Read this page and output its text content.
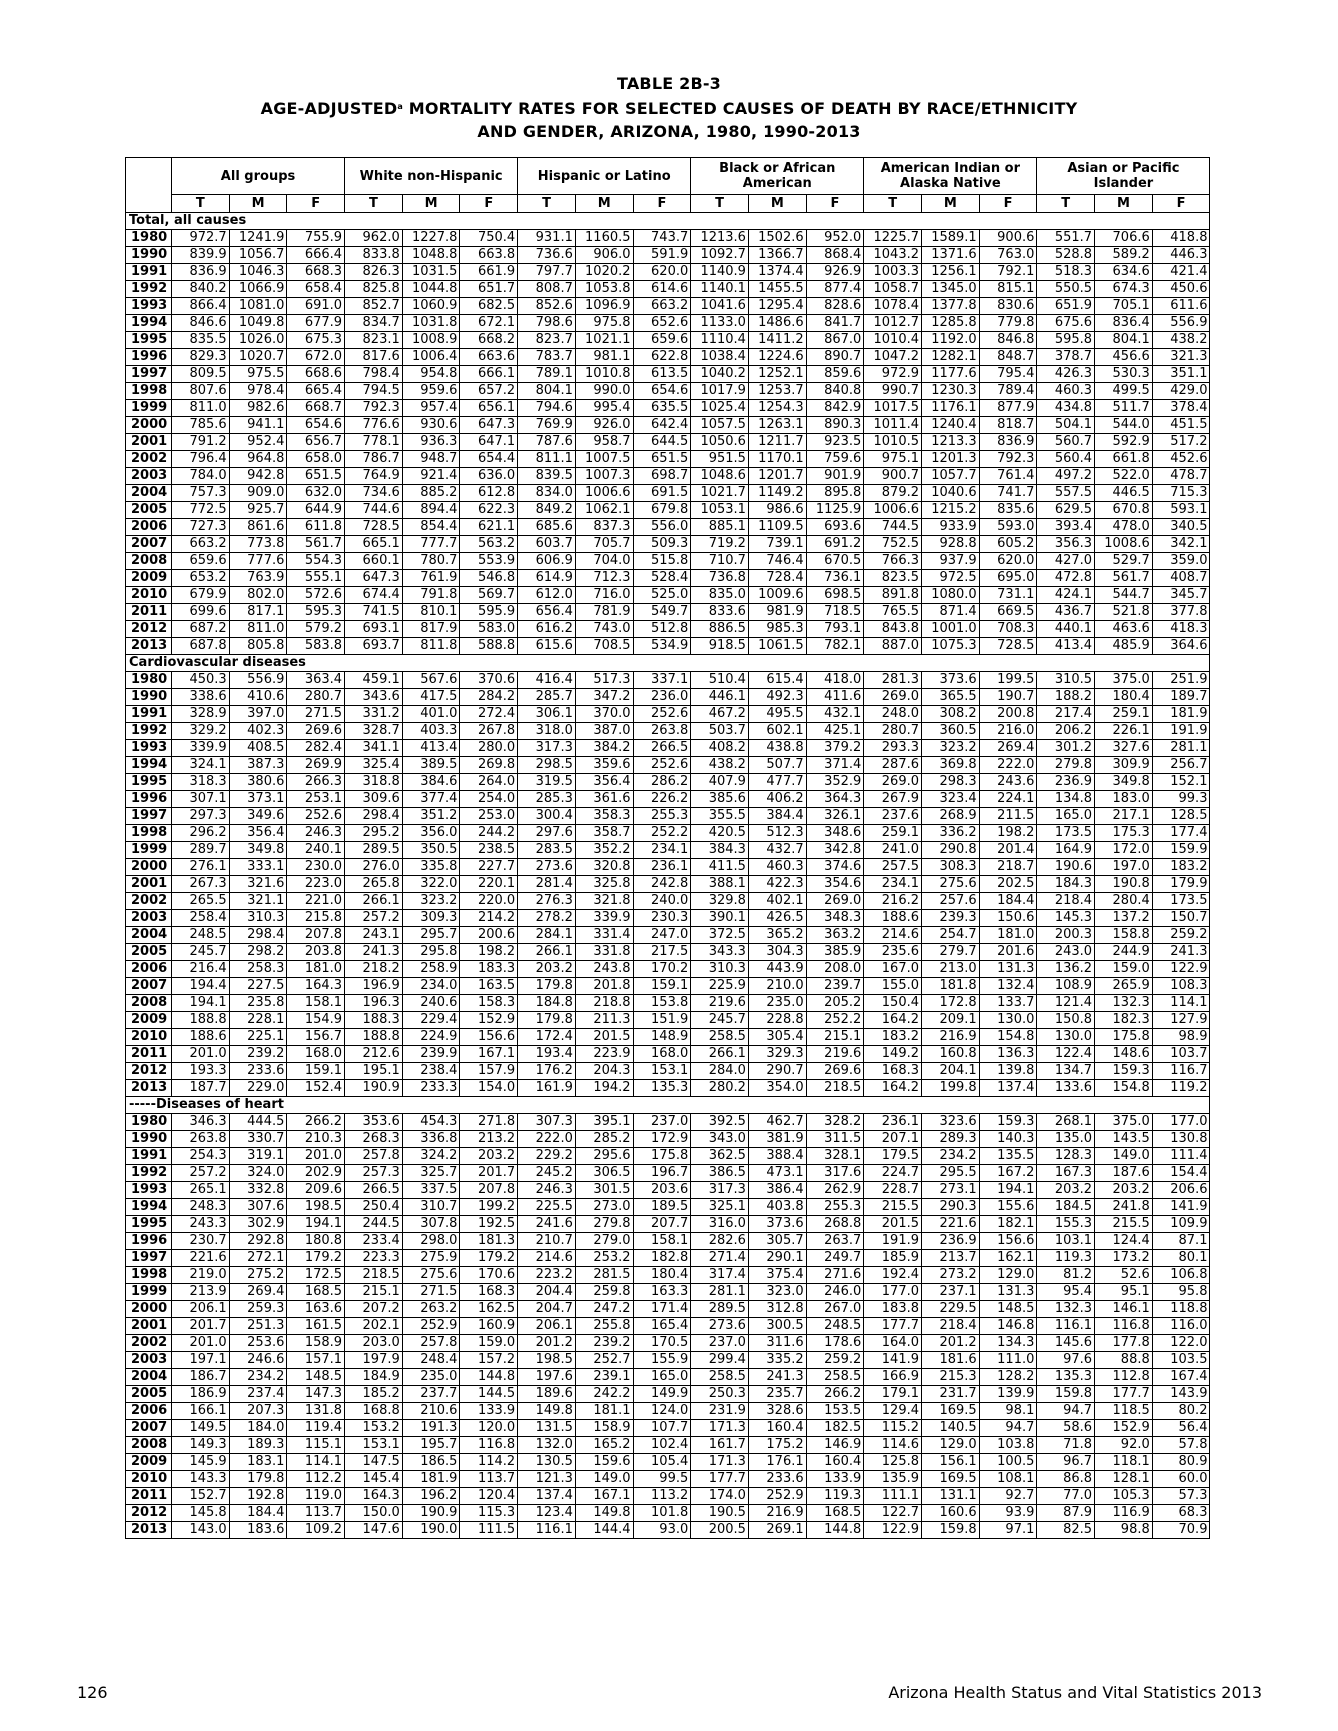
TABLE 2B-3
AGE-ADJUSTED$^a$ MORTALITY RATES FOR SELECTED CAUSES OF DEATH BY RACE/ETHNICITY
AND GENDER, ARIZONA, 1980, 1990-2013
	All groups			White non-Hispanic			Hispanic or Latino			Black or African American			American Indian or Alaska Native			Asian or Pacific Islander		
	T	M	F	T	M	F	T	M	F	T	M	F	T	M	F	T	M	F
Total, all causes																		
1980	972.7	1241.9	755.9	962.0	1227.8	750.4	931.1	1160.5	743.7	1213.6	1502.6	952.0	1225.7	1589.1	900.6	551.7	706.6	418.8
1990	839.9	1056.7	666.4	833.8	1048.8	663.8	736.6	906.0	591.9	1092.7	1366.7	868.4	1043.2	1371.6	763.0	528.8	589.2	446.3
1991	836.9	1046.3	668.3	826.3	1031.5	661.9	797.7	1020.2	620.0	1140.9	1374.4	926.9	1003.3	1256.1	792.1	518.3	634.6	421.4
1992	840.2	1066.9	658.4	825.8	1044.8	651.7	808.7	1053.8	614.6	1140.1	1455.5	877.4	1058.7	1345.0	815.1	550.5	674.3	450.6
1993	866.4	1081.0	691.0	852.7	1060.9	682.5	852.6	1096.9	663.2	1041.6	1295.4	828.6	1078.4	1377.8	830.6	651.9	705.1	611.6
1994	846.6	1049.8	677.9	834.7	1031.8	672.1	798.6	975.8	652.6	1133.0	1486.6	841.7	1012.7	1285.8	779.8	675.6	836.4	556.9
1995	835.5	1026.0	675.3	823.1	1008.9	668.2	823.7	1021.1	659.6	1110.4	1411.2	867.0	1010.4	1192.0	846.8	595.8	804.1	438.2
1996	829.3	1020.7	672.0	817.6	1006.4	663.6	783.7	981.1	622.8	1038.4	1224.6	890.7	1047.2	1282.1	848.7	378.7	456.6	321.3
1997	809.5	975.5	668.6	798.4	954.8	666.1	789.1	1010.8	613.5	1040.2	1252.1	859.6	972.9	1177.6	795.4	426.3	530.3	351.1
1998	807.6	978.4	665.4	794.5	959.6	657.2	804.1	990.0	654.6	1017.9	1253.7	840.8	990.7	1230.3	789.4	460.3	499.5	429.0
1999	811.0	982.6	668.7	792.3	957.4	656.1	794.6	995.4	635.5	1025.4	1254.3	842.9	1017.5	1176.1	877.9	434.8	511.7	378.4
2000	785.6	941.1	654.6	776.6	930.6	647.3	769.9	926.0	642.4	1057.5	1263.1	890.3	1011.4	1240.4	818.7	504.1	544.0	451.5
2001	791.2	952.4	656.7	778.1	936.3	647.1	787.6	958.7	644.5	1050.6	1211.7	923.5	1010.5	1213.3	836.9	560.7	592.9	517.2
2002	796.4	964.8	658.0	786.7	948.7	654.4	811.1	1007.5	651.5	951.5	1170.1	759.6	975.1	1201.3	792.3	560.4	661.8	452.6
2003	784.0	942.8	651.5	764.9	921.4	636.0	839.5	1007.3	698.7	1048.6	1201.7	901.9	900.7	1057.7	761.4	497.2	522.0	478.7
2004	757.3	909.0	632.0	734.6	885.2	612.8	834.0	1006.6	691.5	1021.7	1149.2	895.8	879.2	1040.6	741.7	557.5	446.5	715.3
2005	772.5	925.7	644.9	744.6	894.4	622.3	849.2	1062.1	679.8	1053.1	986.6	1125.9	1006.6	1215.2	835.6	629.5	670.8	593.1
2006	727.3	861.6	611.8	728.5	854.4	621.1	685.6	837.3	556.0	885.1	1109.5	693.6	744.5	933.9	593.0	393.4	478.0	340.5
2007	663.2	773.8	561.7	665.1	777.7	563.2	603.7	705.7	509.3	719.2	739.1	691.2	752.5	928.8	605.2	356.3	1008.6	342.1
2008	659.6	777.6	554.3	660.1	780.7	553.9	606.9	704.0	515.8	710.7	746.4	670.5	766.3	937.9	620.0	427.0	529.7	359.0
2009	653.2	763.9	555.1	647.3	761.9	546.8	614.9	712.3	528.4	736.8	728.4	736.1	823.5	972.5	695.0	472.8	561.7	408.7
2010	679.9	802.0	572.6	674.4	791.8	569.7	612.0	716.0	525.0	835.0	1009.6	698.5	891.8	1080.0	731.1	424.1	544.7	345.7
2011	699.6	817.1	595.3	741.5	810.1	595.9	656.4	781.9	549.7	833.6	981.9	718.5	765.5	871.4	669.5	436.7	521.8	377.8
2012	687.2	811.0	579.2	693.1	817.9	583.0	616.2	743.0	512.8	886.5	985.3	793.1	843.8	1001.0	708.3	440.1	463.6	418.3
2013	687.8	805.8	583.8	693.7	811.8	588.8	615.6	708.5	534.9	918.5	1061.5	782.1	887.0	1075.3	728.5	413.4	485.9	364.6
Cardiovascular diseases																		
1980	450.3	556.9	363.4	459.1	567.6	370.6	416.4	517.3	337.1	510.4	615.4	418.0	281.3	373.6	199.5	310.5	375.0	251.9
1990	338.6	410.6	280.7	343.6	417.5	284.2	285.7	347.2	236.0	446.1	492.3	411.6	269.0	365.5	190.7	188.2	180.4	189.7
1991	328.9	397.0	271.5	331.2	401.0	272.4	306.1	370.0	252.6	467.2	495.5	432.1	248.0	308.2	200.8	217.4	259.1	181.9
1992	329.2	402.3	269.6	328.7	403.3	267.8	318.0	387.0	263.8	503.7	602.1	425.1	280.7	360.5	216.0	206.2	226.1	191.9
1993	339.9	408.5	282.4	341.1	413.4	280.0	317.3	384.2	266.5	408.2	438.8	379.2	293.3	323.2	269.4	301.2	327.6	281.1
1994	324.1	387.3	269.9	325.4	389.5	269.8	298.5	359.6	252.6	438.2	507.7	371.4	287.6	369.8	222.0	279.8	309.9	256.7
1995	318.3	380.6	266.3	318.8	384.6	264.0	319.5	356.4	286.2	407.9	477.7	352.9	269.0	298.3	243.6	236.9	349.8	152.1
1996	307.1	373.1	253.1	309.6	377.4	254.0	285.3	361.6	226.2	385.6	406.2	364.3	267.9	323.4	224.1	134.8	183.0	99.3
1997	297.3	349.6	252.6	298.4	351.2	253.0	300.4	358.3	255.3	355.5	384.4	326.1	237.6	268.9	211.5	165.0	217.1	128.5
1998	296.2	356.4	246.3	295.2	356.0	244.2	297.6	358.7	252.2	420.5	512.3	348.6	259.1	336.2	198.2	173.5	175.3	177.4
1999	289.7	349.8	240.1	289.5	350.5	238.5	283.5	352.2	234.1	384.3	432.7	342.8	241.0	290.8	201.4	164.9	172.0	159.9
2000	276.1	333.1	230.0	276.0	335.8	227.7	273.6	320.8	236.1	411.5	460.3	374.6	257.5	308.3	218.7	190.6	197.0	183.2
2001	267.3	321.6	223.0	265.8	322.0	220.1	281.4	325.8	242.8	388.1	422.3	354.6	234.1	275.6	202.5	184.3	190.8	179.9
2002	265.5	321.1	221.0	266.1	323.2	220.0	276.3	321.8	240.0	329.8	402.1	269.0	216.2	257.6	184.4	218.4	280.4	173.5
2003	258.4	310.3	215.8	257.2	309.3	214.2	278.2	339.9	230.3	390.1	426.5	348.3	188.6	239.3	150.6	145.3	137.2	150.7
2004	248.5	298.4	207.8	243.1	295.7	200.6	284.1	331.4	247.0	372.5	365.2	363.2	214.6	254.7	181.0	200.3	158.8	259.2
2005	245.7	298.2	203.8	241.3	295.8	198.2	266.1	331.8	217.5	343.3	304.3	385.9	235.6	279.7	201.6	243.0	244.9	241.3
2006	216.4	258.3	181.0	218.2	258.9	183.3	203.2	243.8	170.2	310.3	443.9	208.0	167.0	213.0	131.3	136.2	159.0	122.9
2007	194.4	227.5	164.3	196.9	234.0	163.5	179.8	201.8	159.1	225.9	210.0	239.7	155.0	181.8	132.4	108.9	265.9	108.3
2008	194.1	235.8	158.1	196.3	240.6	158.3	184.8	218.8	153.8	219.6	235.0	205.2	150.4	172.8	133.7	121.4	132.3	114.1
2009	188.8	228.1	154.9	188.3	229.4	152.9	179.8	211.3	151.9	245.7	228.8	252.2	164.2	209.1	130.0	150.8	182.3	127.9
2010	188.6	225.1	156.7	188.8	224.9	156.6	172.4	201.5	148.9	258.5	305.4	215.1	183.2	216.9	154.8	130.0	175.8	98.9
2011	201.0	239.2	168.0	212.6	239.9	167.1	193.4	223.9	168.0	266.1	329.3	219.6	149.2	160.8	136.3	122.4	148.6	103.7
2012	193.3	233.6	159.1	195.1	238.4	157.9	176.2	204.3	153.1	284.0	290.7	269.6	168.3	204.1	139.8	134.7	159.3	116.7
2013	187.7	229.0	152.4	190.9	233.3	154.0	161.9	194.2	135.3	280.2	354.0	218.5	164.2	199.8	137.4	133.6	154.8	119.2
-----Diseases of heart																		
1980	346.3	444.5	266.2	353.6	454.3	271.8	307.3	395.1	237.0	392.5	462.7	328.2	236.1	323.6	159.3	268.1	375.0	177.0
1990	263.8	330.7	210.3	268.3	336.8	213.2	222.0	285.2	172.9	343.0	381.9	311.5	207.1	289.3	140.3	135.0	143.5	130.8
1991	254.3	319.1	201.0	257.8	324.2	203.2	229.2	295.6	175.8	362.5	388.4	328.1	179.5	234.2	135.5	128.3	149.0	111.4
1992	257.2	324.0	202.9	257.3	325.7	201.7	245.2	306.5	196.7	386.5	473.1	317.6	224.7	295.5	167.2	167.3	187.6	154.4
1993	265.1	332.8	209.6	266.5	337.5	207.8	246.3	301.5	203.6	317.3	386.4	262.9	228.7	273.1	194.1	203.2	203.2	206.6
1994	248.3	307.6	198.5	250.4	310.7	199.2	225.5	273.0	189.5	325.1	403.8	255.3	215.5	290.3	155.6	184.5	241.8	141.9
1995	243.3	302.9	194.1	244.5	307.8	192.5	241.6	279.8	207.7	316.0	373.6	268.8	201.5	221.6	182.1	155.3	215.5	109.9
1996	230.7	292.8	180.8	233.4	298.0	181.3	210.7	279.0	158.1	282.6	305.7	263.7	191.9	236.9	156.6	103.1	124.4	87.1
1997	221.6	272.1	179.2	223.3	275.9	179.2	214.6	253.2	182.8	271.4	290.1	249.7	185.9	213.7	162.1	119.3	173.2	80.1
1998	219.0	275.2	172.5	218.5	275.6	170.6	223.2	281.5	180.4	317.4	375.4	271.6	192.4	273.2	129.0	81.2	52.6	106.8
1999	213.9	269.4	168.5	215.1	271.5	168.3	204.4	259.8	163.3	281.1	323.0	246.0	177.0	237.1	131.3	95.4	95.1	95.8
2000	206.1	259.3	163.6	207.2	263.2	162.5	204.7	247.2	171.4	289.5	312.8	267.0	183.8	229.5	148.5	132.3	146.1	118.8
2001	201.7	251.3	161.5	202.1	252.9	160.9	206.1	255.8	165.4	273.6	300.5	248.5	177.7	218.4	146.8	116.1	116.8	116.0
2002	201.0	253.6	158.9	203.0	257.8	159.0	201.2	239.2	170.5	237.0	311.6	178.6	164.0	201.2	134.3	145.6	177.8	122.0
2003	197.1	246.6	157.1	197.9	248.4	157.2	198.5	252.7	155.9	299.4	335.2	259.2	141.9	181.6	111.0	97.6	88.8	103.5
2004	186.7	234.2	148.5	184.9	235.0	144.8	197.6	239.1	165.0	258.5	241.3	258.5	166.9	215.3	128.2	135.3	112.8	167.4
2005	186.9	237.4	147.3	185.2	237.7	144.5	189.6	242.2	149.9	250.3	235.7	266.2	179.1	231.7	139.9	159.8	177.7	143.9
2006	166.1	207.3	131.8	168.8	210.6	133.9	149.8	181.1	124.0	231.9	328.6	153.5	129.4	169.5	98.1	94.7	118.5	80.2
2007	149.5	184.0	119.4	153.2	191.3	120.0	131.5	158.9	107.7	171.3	160.4	182.5	115.2	140.5	94.7	58.6	152.9	56.4
2008	149.3	189.3	115.1	153.1	195.7	116.8	132.0	165.2	102.4	161.7	175.2	146.9	114.6	129.0	103.8	71.8	92.0	57.8
2009	145.9	183.1	114.1	147.5	186.5	114.2	130.5	159.6	105.4	171.3	176.1	160.4	125.8	156.1	100.5	96.7	118.1	80.9
2010	143.3	179.8	112.2	145.4	181.9	113.7	121.3	149.0	99.5	177.7	233.6	133.9	135.9	169.5	108.1	86.8	128.1	60.0
2011	152.7	192.8	119.0	164.3	196.2	120.4	137.4	167.1	113.2	174.0	252.9	119.3	111.1	131.1	92.7	77.0	105.3	57.3
2012	145.8	184.4	113.7	150.0	190.9	115.3	123.4	149.8	101.8	190.5	216.9	168.5	122.7	160.6	93.9	87.9	116.9	68.3
2013	143.0	183.6	109.2	147.6	190.0	111.5	116.1	144.4	93.0	200.5	269.1	144.8	122.9	159.8	97.1	82.5	98.8	70.9
126	Arizona Health Status and Vital Statistics 2013
